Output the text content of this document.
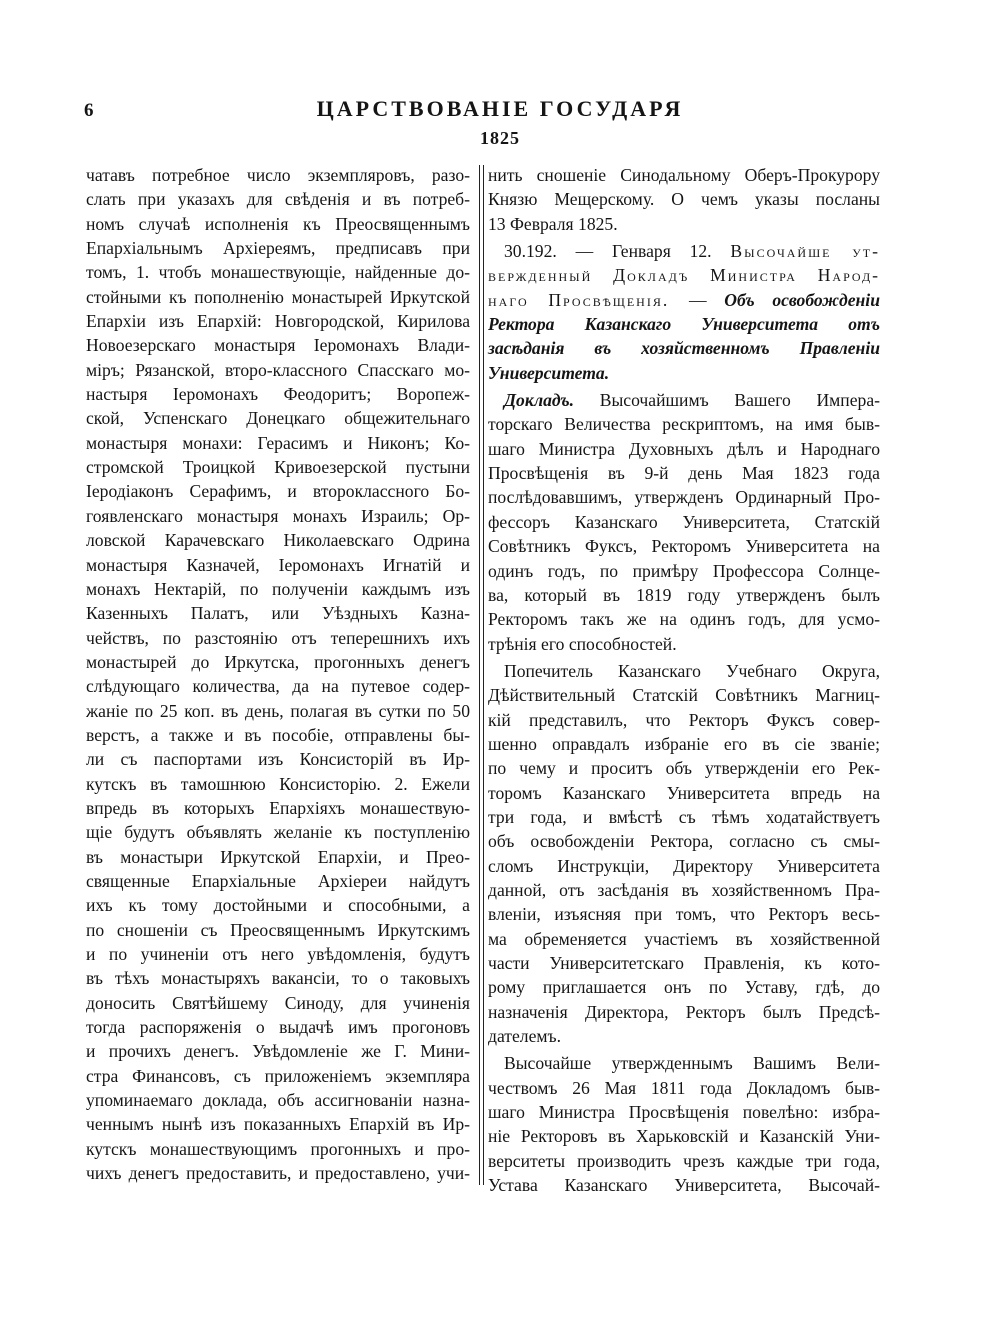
6	ЦАРСТВОВАНІЕ ГОСУДАРЯ
1825
чатавъ потребное число экземпляровъ, разо-
слать при указахъ для свѣденія и въ потреб-
номъ случаѣ исполненія къ Преосвященнымъ
Епархіальнымъ Архіереямъ, предписавъ при
томъ, 1. чтобъ монашествующіе, найденные до-
стойными къ пополненію монастырей Иркутской
Епархіи изъ Епархій: Новгородской, Кирилова
Новоезерскаго монастыря Іеромонахъ Влади-
міръ; Рязанской, второ-классного Спасскаго мо-
настыря Іеромонахъ Феодоритъ; Воропеж-
ской, Успенскаго Донецкаго общежительнаго
монастыря монахи: Герасимъ и Никонъ; Ко-
стромской Троицкой Кривоезерской пустыни
Іеродіаконъ Серафимъ, и второклассного Бо-
гоявленскаго монастыря монахъ Израиль; Ор-
ловской Карачевскаго Николаевскаго Одрина
монастыря Казначей, Іеромонахъ Игнатій и
монахъ Нектарій, по полученіи каждымъ изъ
Казенныхъ Палатъ, или Уѣздныхъ Казна-
чействъ, по разстоянію отъ теперешнихъ ихъ
монастырей до Иркутска, прогонныхъ денегъ
слѣдующаго количества, да на путевое содер-
жаніе по 25 коп. въ день, полагая въ сутки по 50
верстъ, а также и въ пособіе, отправлены бы-
ли съ паспортами изъ Консисторій въ Ир-
кутскъ въ тамошнюю Консисторію. 2. Ежели
впредь въ которыхъ Епархіяхъ монашествую-
щіе будутъ объявлять желаніе къ поступленію
въ монастыри Иркутской Епархіи, и Прео-
священные Епархіальные Архіереи найдутъ
ихъ къ тому достойными и способными, а
по сношеніи съ Преосвященнымъ Иркутскимъ
и по учиненіи отъ него увѣдомленія, будутъ
въ тѣхъ монастыряхъ вакансіи, то о таковыхъ
доносить Святѣйшему Синоду, для учиненія
тогда распоряженія о выдачѣ имъ прогоновъ
и прочихъ денегъ. Увѣдомленіе же Г. Мини-
стра Финансовъ, съ приложеніемъ экземпляра
упоминаемаго доклада, объ ассигнованіи назна-
ченнымъ нынѣ изъ показанныхъ Епархій въ Ир-
кутскъ монашествующимъ прогонныхъ и про-
чихъ денегъ предоставить, и предоставлено, учи-
нить сношеніе Синодальному Оберъ-Прокурору
Князю Мещерскому. О чемъ указы посланы
13 Февраля 1825.
30.192. — Генваря 12. Высочайше ут-
вержденный Докладъ Министра Народ-
наго Просвѣщенія. — Объ освобожденіи
Ректора Казанскаго Университета отъ
засѣданія въ хозяйственномъ Правленіи
Университета.
Докладъ. Высочайшимъ Вашего Импера-
торскаго Величества рескриптомъ, на имя быв-
шаго Министра Духовныхъ дѣлъ и Народнаго
Просвѣщенія въ 9-й день Мая 1823 года
послѣдовавшимъ, утвержденъ Ординарный Про-
фессоръ Казанскаго Университета, Статскій
Совѣтникъ Фуксъ, Ректоромъ Университета на
одинъ годъ, по примѣру Профессора Солнце-
ва, который въ 1819 году утвержденъ былъ
Ректоромъ такъ же на одинъ годъ, для усмо-
трѣнія его способностей.
Попечитель Казанскаго Учебнаго Округа,
Дѣйствительный Статскій Совѣтникъ Магниц-
кій представилъ, что Ректоръ Фуксъ совер-
шенно оправдалъ избраніе его въ сіе званіе;
по чему и проситъ объ утвержденіи его Рек-
торомъ Казанскаго Университета впредь на
три года, и вмѣстѣ съ тѣмъ ходатайствуетъ
объ освобожденіи Ректора, согласно съ смы-
сломъ Инструкціи, Директору Университета
данной, отъ засѣданія въ хозяйственномъ Пра-
вленіи, изъясняя при томъ, что Ректоръ весь-
ма обременяется участіемъ въ хозяйственной
части Университетскаго Правленія, къ кото-
рому приглашается онъ по Уставу, гдѣ, до
назначенія Директора, Ректоръ былъ Предсѣ-
дателемъ.
Высочайше утвержденнымъ Вашимъ Вели-
чествомъ 26 Мая 1811 года Докладомъ быв-
шаго Министра Просвѣщенія повелѣно: избра-
ніе Ректоровъ въ Харьковскій и Казанскій Уни-
верситеты производить чрезъ каждые три года,
Устава Казанскаго Университета, Высочай-
